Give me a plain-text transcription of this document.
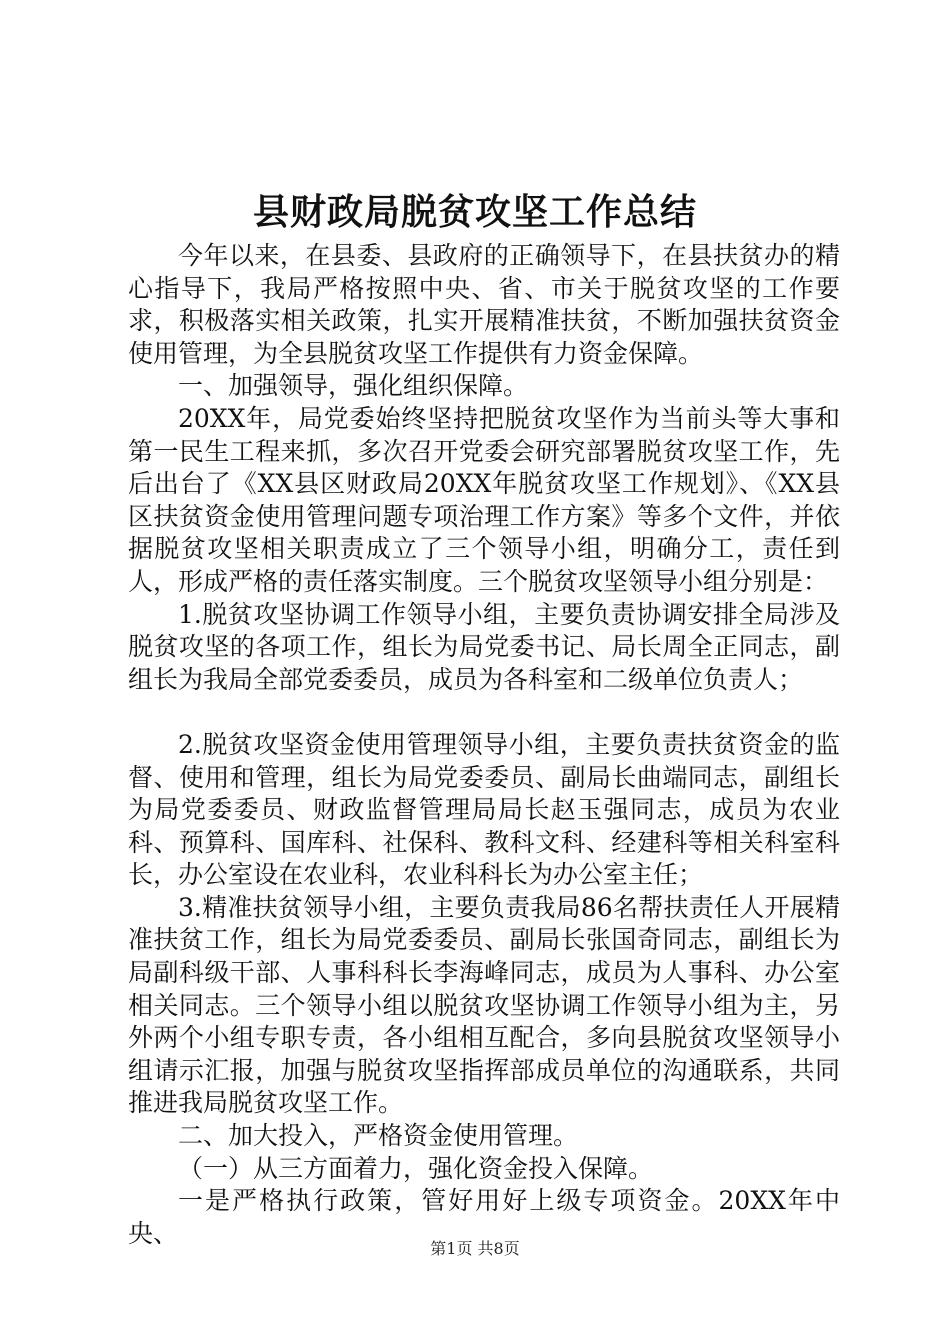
县财政局脱贫攻坚工作总结

今年以来，在县委、县政府的正确领导下，在县扶贫办的精心指导下，我局严格按照中央、省、市关于脱贫攻坚的工作要求，积极落实相关政策，扎实开展精准扶贫，不断加强扶贫资金使用管理，为全县脱贫攻坚工作提供有力资金保障。

一、加强领导，强化组织保障。

20XX年，局党委始终坚持把脱贫攻坚作为当前头等大事和第一民生工程来抓，多次召开党委会研究部署脱贫攻坚工作，先后出台了《XX县区财政局20XX年脱贫攻坚工作规划》、《XX县区扶贫资金使用管理问题专项治理工作方案》等多个文件，并依据脱贫攻坚相关职责成立了三个领导小组，明确分工，责任到人，形成严格的责任落实制度。三个脱贫攻坚领导小组分别是：

1.脱贫攻坚协调工作领导小组，主要负责协调安排全局涉及脱贫攻坚的各项工作，组长为局党委书记、局长周全正同志，副组长为我局全部党委委员，成员为各科室和二级单位负责人；

2.脱贫攻坚资金使用管理领导小组，主要负责扶贫资金的监督、使用和管理，组长为局党委委员、副局长曲端同志，副组长为局党委委员、财政监督管理局局长赵玉强同志，成员为农业科、预算科、国库科、社保科、教科文科、经建科等相关科室科长，办公室设在农业科，农业科科长为办公室主任；

3.精准扶贫领导小组，主要负责我局86名帮扶责任人开展精准扶贫工作，组长为局党委委员、副局长张国奇同志，副组长为局副科级干部、人事科科长李海峰同志，成员为人事科、办公室相关同志。三个领导小组以脱贫攻坚协调工作领导小组为主，另外两个小组专职专责，各小组相互配合，多向县脱贫攻坚领导小组请示汇报，加强与脱贫攻坚指挥部成员单位的沟通联系，共同推进我局脱贫攻坚工作。

二、加大投入，严格资金使用管理。

（一）从三方面着力，强化资金投入保障。

一是严格执行政策，管好用好上级专项资金。20XX年中央、

第1页 共8页
